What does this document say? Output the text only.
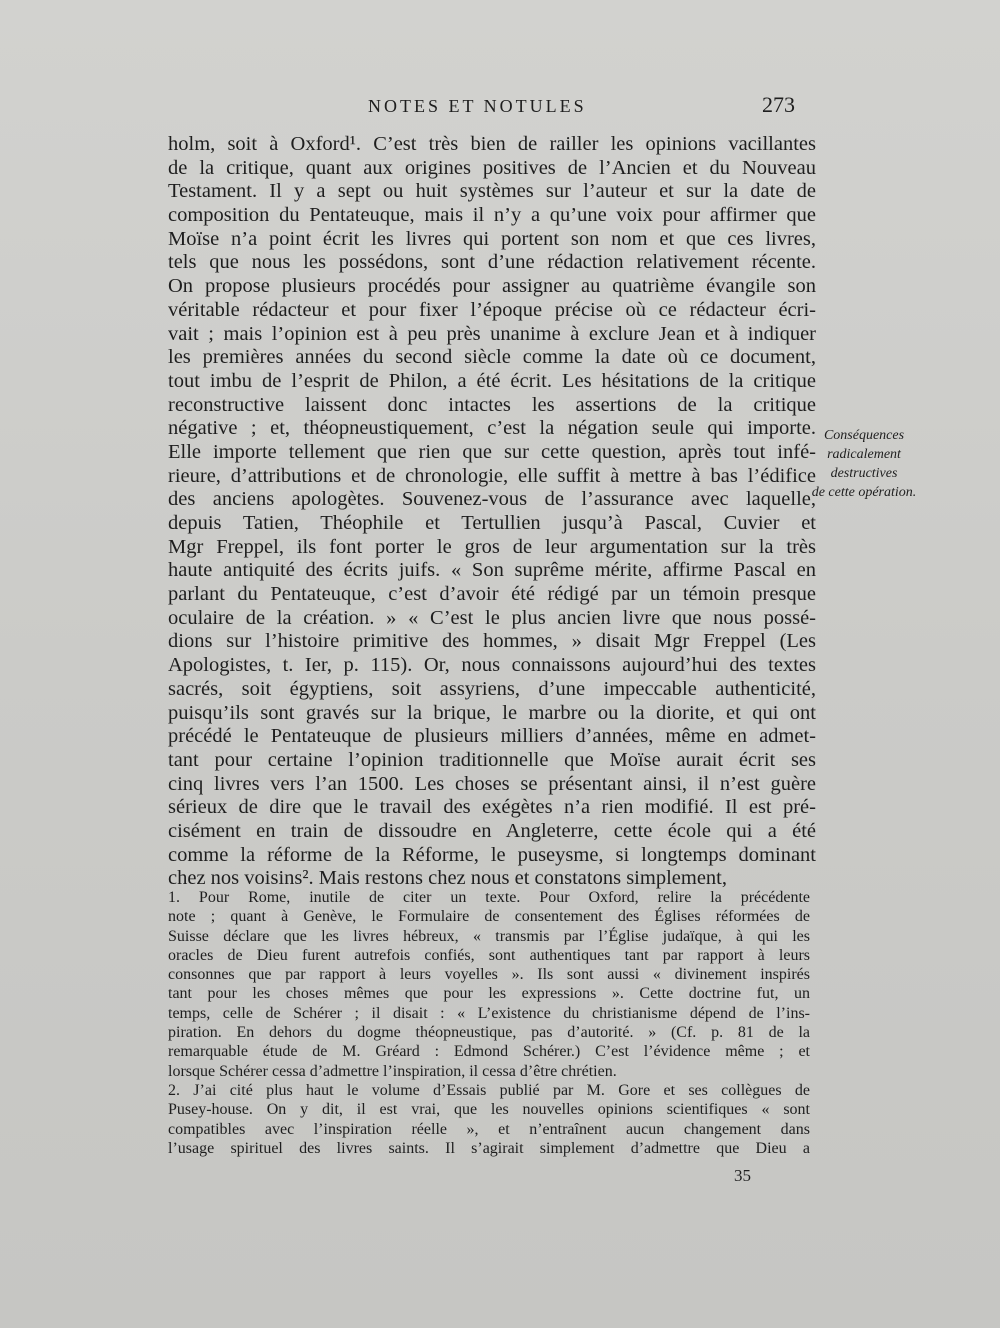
NOTES ET NOTULES	273
holm, soit à Oxford¹. C’est très bien de railler les opinions vacillantes
de la critique, quant aux origines positives de l’Ancien et du Nouveau
Testament. Il y a sept ou huit systèmes sur l’auteur et sur la date de
composition du Pentateuque, mais il n’y a qu’une voix pour affirmer que
Moïse n’a point écrit les livres qui portent son nom et que ces livres,
tels que nous les possédons, sont d’une rédaction relativement récente.
On propose plusieurs procédés pour assigner au quatrième évangile son
véritable rédacteur et pour fixer l’époque précise où ce rédacteur écri-
vait ; mais l’opinion est à peu près unanime à exclure Jean et à indiquer
les premières années du second siècle comme la date où ce document,
tout imbu de l’esprit de Philon, a été écrit. Les hésitations de la critique
reconstructive laissent donc intactes les assertions de la critique
négative ; et, théopneustiquement, c’est la négation seule qui importe.
Elle importe tellement que rien que sur cette question, après tout infé-
rieure, d’attributions et de chronologie, elle suffit à mettre à bas l’édifice
des anciens apologètes. Souvenez-vous de l’assurance avec laquelle,
depuis Tatien, Théophile et Tertullien jusqu’à Pascal, Cuvier et
Mgr Freppel, ils font porter le gros de leur argumentation sur la très
haute antiquité des écrits juifs. « Son suprême mérite, affirme Pascal en
parlant du Pentateuque, c’est d’avoir été rédigé par un témoin presque
oculaire de la création. » « C’est le plus ancien livre que nous possé-
dions sur l’histoire primitive des hommes, » disait Mgr Freppel (Les
Apologistes, t. Ier, p. 115). Or, nous connaissons aujourd’hui des textes
sacrés, soit égyptiens, soit assyriens, d’une impeccable authenticité,
puisqu’ils sont gravés sur la brique, le marbre ou la diorite, et qui ont
précédé le Pentateuque de plusieurs milliers d’années, même en admet-
tant pour certaine l’opinion traditionnelle que Moïse aurait écrit ses
cinq livres vers l’an 1500. Les choses se présentant ainsi, il n’est guère
sérieux de dire que le travail des exégètes n’a rien modifié. Il est pré-
cisément en train de dissoudre en Angleterre, cette école qui a été
comme la réforme de la Réforme, le puseysme, si longtemps dominant
chez nos voisins². Mais restons chez nous et constatons simplement,
Conséquences
radicalement
destructives
de cette opération.
1. Pour Rome, inutile de citer un texte. Pour Oxford, relire la précédente
note ; quant à Genève, le Formulaire de consentement des Églises réformées de
Suisse déclare que les livres hébreux, « transmis par l’Église judaïque, à qui les
oracles de Dieu furent autrefois confiés, sont authentiques tant par rapport à leurs
consonnes que par rapport à leurs voyelles ». Ils sont aussi « divinement inspirés
tant pour les choses mêmes que pour les expressions ». Cette doctrine fut, un
temps, celle de Schérer ; il disait : « L’existence du christianisme dépend de l’ins-
piration. En dehors du dogme théopneustique, pas d’autorité. » (Cf. p. 81 de la
remarquable étude de M. Gréard : Edmond Schérer.) C’est l’évidence même ; et
lorsque Schérer cessa d’admettre l’inspiration, il cessa d’être chrétien.
2. J’ai cité plus haut le volume d’Essais publié par M. Gore et ses collègues de
Pusey-house. On y dit, il est vrai, que les nouvelles opinions scientifiques « sont
compatibles avec l’inspiration réelle », et n’entraînent aucun changement dans
l’usage spirituel des livres saints. Il s’agirait simplement d’admettre que Dieu a
35
